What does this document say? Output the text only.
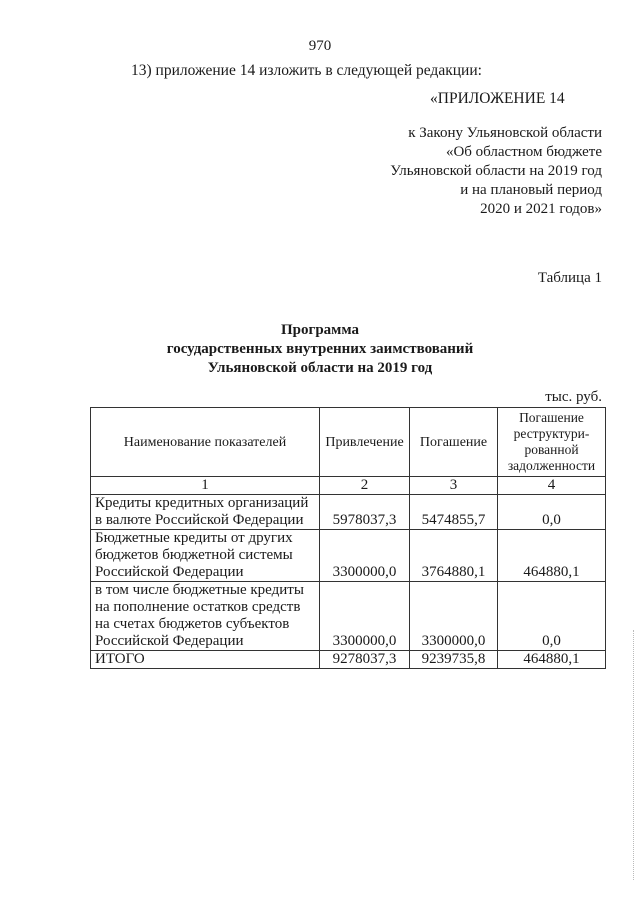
970
13) приложение 14 изложить в следующей редакции:
«ПРИЛОЖЕНИЕ 14
к Закону Ульяновской области
«Об областном бюджете
Ульяновской области на 2019 год
и на плановый период
2020 и 2021 годов»
Таблица 1
Программа
государственных внутренних заимствований
Ульяновской области на 2019 год
тыс. руб.
Наименование показателей	Привлечение	Погашение	Погашение
реструктури-
рованной
задолженности

1	2	3	4

Кредиты кредитных организаций
в валюте Российской Федерации	5978037,3	5474855,7	0,0

Бюджетные кредиты от других
бюджетов бюджетной системы
Российской Федерации	3300000,0	3764880,1	464880,1

в том числе бюджетные кредиты
на пополнение остатков средств
на счетах бюджетов субъектов
Российской Федерации	3300000,0	3300000,0	0,0

ИТОГО	9278037,3	9239735,8	464880,1
